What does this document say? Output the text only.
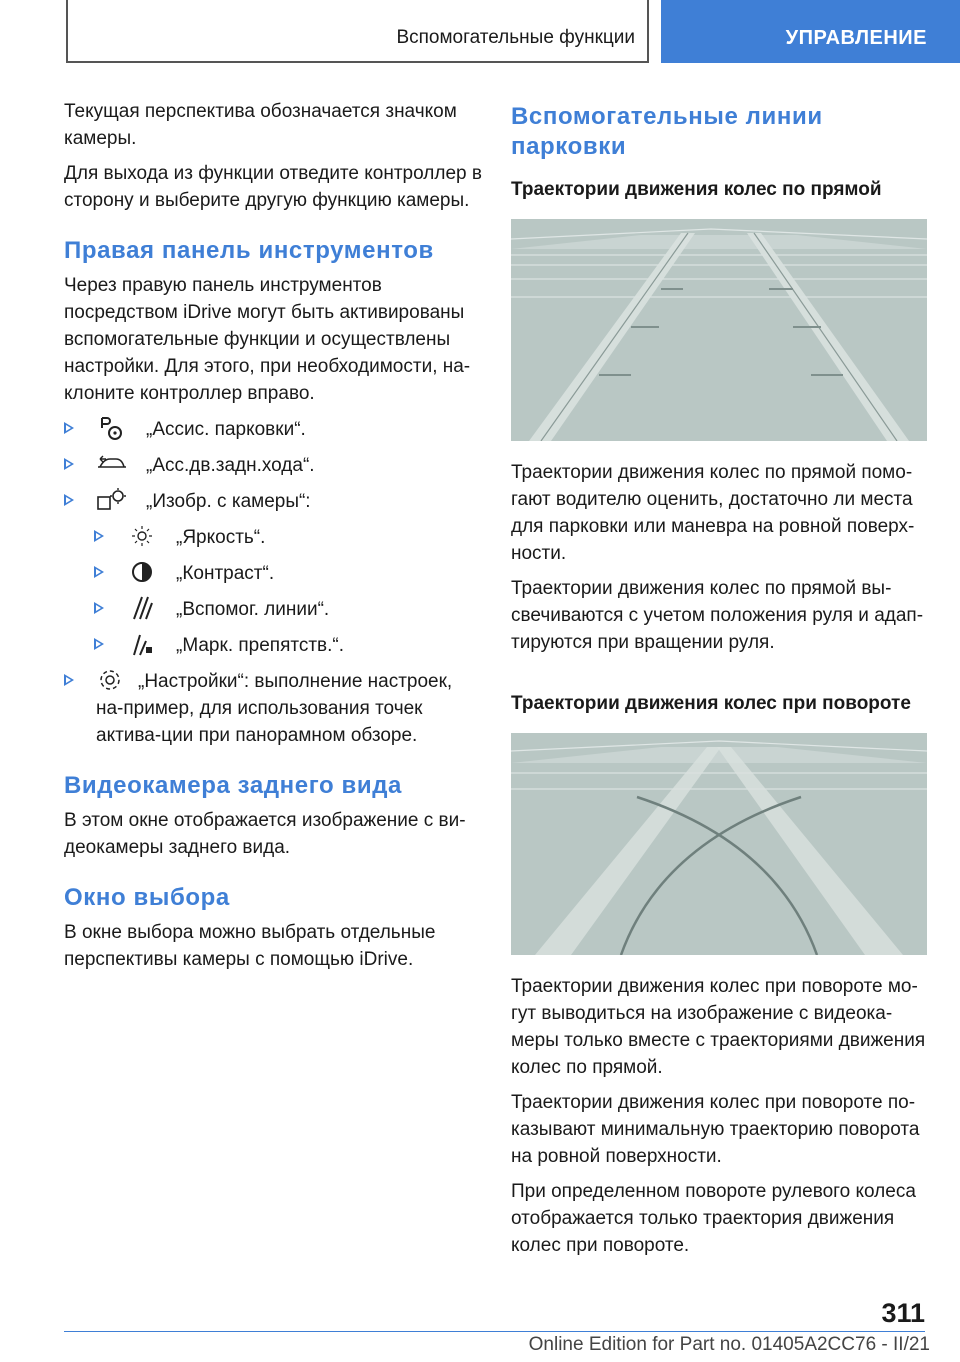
Вспомогательные функции	УПРАВЛЕНИЕ

Текущая перспектива обозначается значком камеры.

Для выхода из функции отведите контроллер в сторону и выберите другую функцию камеры.

Правая панель инструментов

Через правую панель инструментов посредством iDrive могут быть активированы вспомогательные функции и осуществлены настройки. Для этого, при необходимости, на-клоните контроллер вправо.

„Ассис. парковки“.
„Асс.дв.задн.хода“.
„Изобр. с камеры“:
„Яркость“.
„Контраст“.
„Вспомог. линии“.
„Марк. препятств.“.
„Настройки“: выполнение настроек, на-пример, для использования точек актива-ции при панорамном обзоре.
Видеокамера заднего вида

В этом окне отображается изображение с ви-деокамеры заднего вида.

Окно выбора

В окне выбора можно выбрать отдельные перспективы камеры с помощью iDrive.

Вспомогательные линии парковки
Траектории движения колес по прямой

Траектории движения колес по прямой помо-гают водителю оценить, достаточно ли места для парковки или маневра на ровной поверх-ности.

Траектории движения колес по прямой вы-свечиваются с учетом положения руля и адап-тируются при вращении руля.

Траектории движения колес при повороте

Траектории движения колес при повороте мо-гут выводиться на изображение с видеока-меры только вместе с траекториями движения колес по прямой.

Траектории движения колес при повороте по-казывают минимальную траекторию поворота на ровной поверхности.

При определенном повороте рулевого колеса отображается только траектория движения колес при повороте.

311
Online Edition for Part no. 01405A2CC76 - II/21
